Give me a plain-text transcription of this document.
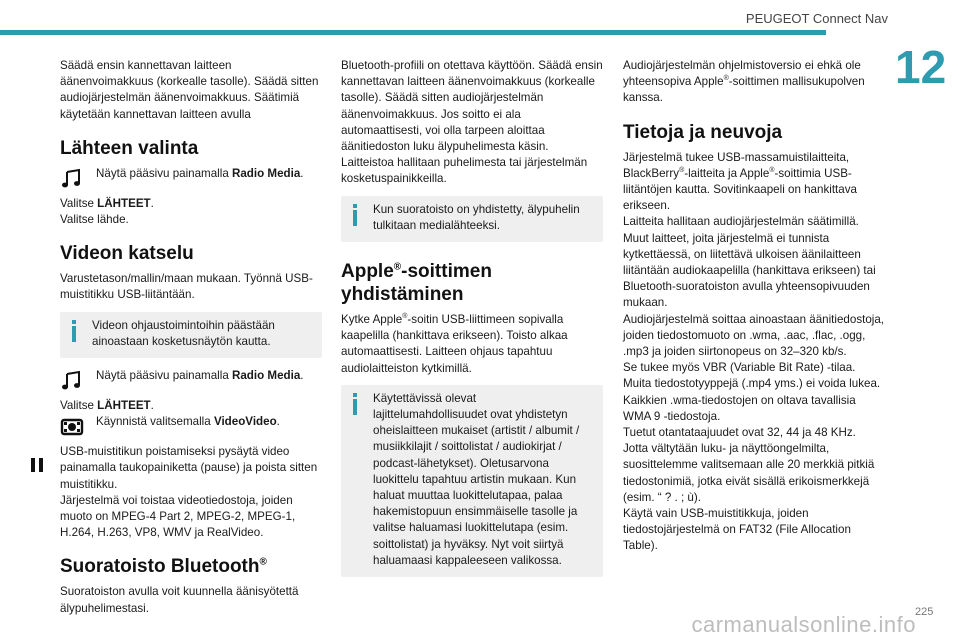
PEUGEOT Connect Nav
12

Säädä ensin kannettavan laitteen äänenvoimakkuus (korkealle tasolle). Säädä sitten audiojärjestelmän äänenvoimakkuus. Säätimiä käytetään kannettavan laitteen avulla

Lähteen valinta
Näytä pääsivu painamalla Radio Media.

Valitse LÄHTEET.

Valitse lähde.

Videon katselu

Varustetason/mallin/maan mukaan. Työnnä USB-muistitikku USB-liitäntään.

Videon ohjaustoimintoihin päästään ainoastaan kosketusnäytön kautta.
Näytä pääsivu painamalla Radio Media.

Valitse LÄHTEET.

Käynnistä valitsemalla VideoVideo.
USB-muistitikun poistamiseksi pysäytä video painamalla taukopainiketta (pause) ja poista sitten muistitikku.

Järjestelmä voi toistaa videotiedostoja, joiden muoto on MPEG-4 Part 2, MPEG-2, MPEG-1, H.264, H.263, VP8, WMV ja RealVideo.

Suoratoisto Bluetooth®

Suoratoiston avulla voit kuunnella äänisyötettä älypuhelimestasi.

Bluetooth-profiili on otettava käyttöön. Säädä ensin kannettavan laitteen äänenvoimakkuus (korkealle tasolle). Säädä sitten audiojärjestelmän äänenvoimakkuus. Jos soitto ei ala automaattisesti, voi olla tarpeen aloittaa äänitiedoston luku älypuhelimesta käsin. Laitteistoa hallitaan puhelimesta tai järjestelmän kosketuspainikkeilla.

Kun suoratoisto on yhdistetty, älypuhelin tulkitaan medialähteeksi.
Apple®-soittimen yhdistäminen

Kytke Apple®-soitin USB-liittimeen sopivalla kaapelilla (hankittava erikseen). Toisto alkaa automaattisesti. Laitteen ohjaus tapahtuu audiolaitteiston kytkimillä.

Käytettävissä olevat lajittelumahdollisuudet ovat yhdistetyn oheislaitteen mukaiset (artistit / albumit / musiikkilajit / soittolistat / audiokirjat / podcast-lähetykset). Oletusarvona luokittelu tapahtuu artistin mukaan. Kun haluat muuttaa luokittelutapaa, palaa hakemistopuun ensimmäiselle tasolle ja valitse haluamasi luokittelutapa (esim. soittolistat) ja hyväksy. Nyt voit siirtyä haluamaasi kappaleeseen valikossa.

Audiojärjestelmän ohjelmistoversio ei ehkä ole yhteensopiva Apple®-soittimen mallisukupolven kanssa.

Tietoja ja neuvoja

Järjestelmä tukee USB-massamuistilaitteita, BlackBerry®-laitteita ja Apple®-soittimia USB-liitäntöjen kautta. Sovitinkaapeli on hankittava erikseen.

Laitteita hallitaan audiojärjestelmän säätimillä. Muut laitteet, joita järjestelmä ei tunnista kytkettäessä, on liitettävä ulkoisen äänilaitteen liitäntään audiokaapelilla (hankittava erikseen) tai Bluetooth-suoratoiston avulla yhteensopivuuden mukaan.

Audiojärjestelmä soittaa ainoastaan äänitiedostoja, joiden tiedostomuoto on .wma, .aac, .flac, .ogg, .mp3 ja joiden siirtonopeus on 32–320 kb/s.

Se tukee myös VBR (Variable Bit Rate) -tilaa.

Muita tiedostotyyppejä (.mp4 yms.) ei voida lukea.

Kaikkien .wma-tiedostojen on oltava tavallisia WMA 9 -tiedostoja.

Tuetut otantataajuudet ovat 32, 44 ja 48 KHz.

Jotta vältytään luku- ja näyttöongelmilta, suosittelemme valitsemaan alle 20 merkkiä pitkiä tiedostonimiä, jotka eivät sisällä erikoismerkkejä (esim. “ ? . ; ù).

Käytä vain USB-muistitikkuja, joiden tiedostojärjestelmä on FAT32 (File Allocation Table).

225
carmanualsonline.info
